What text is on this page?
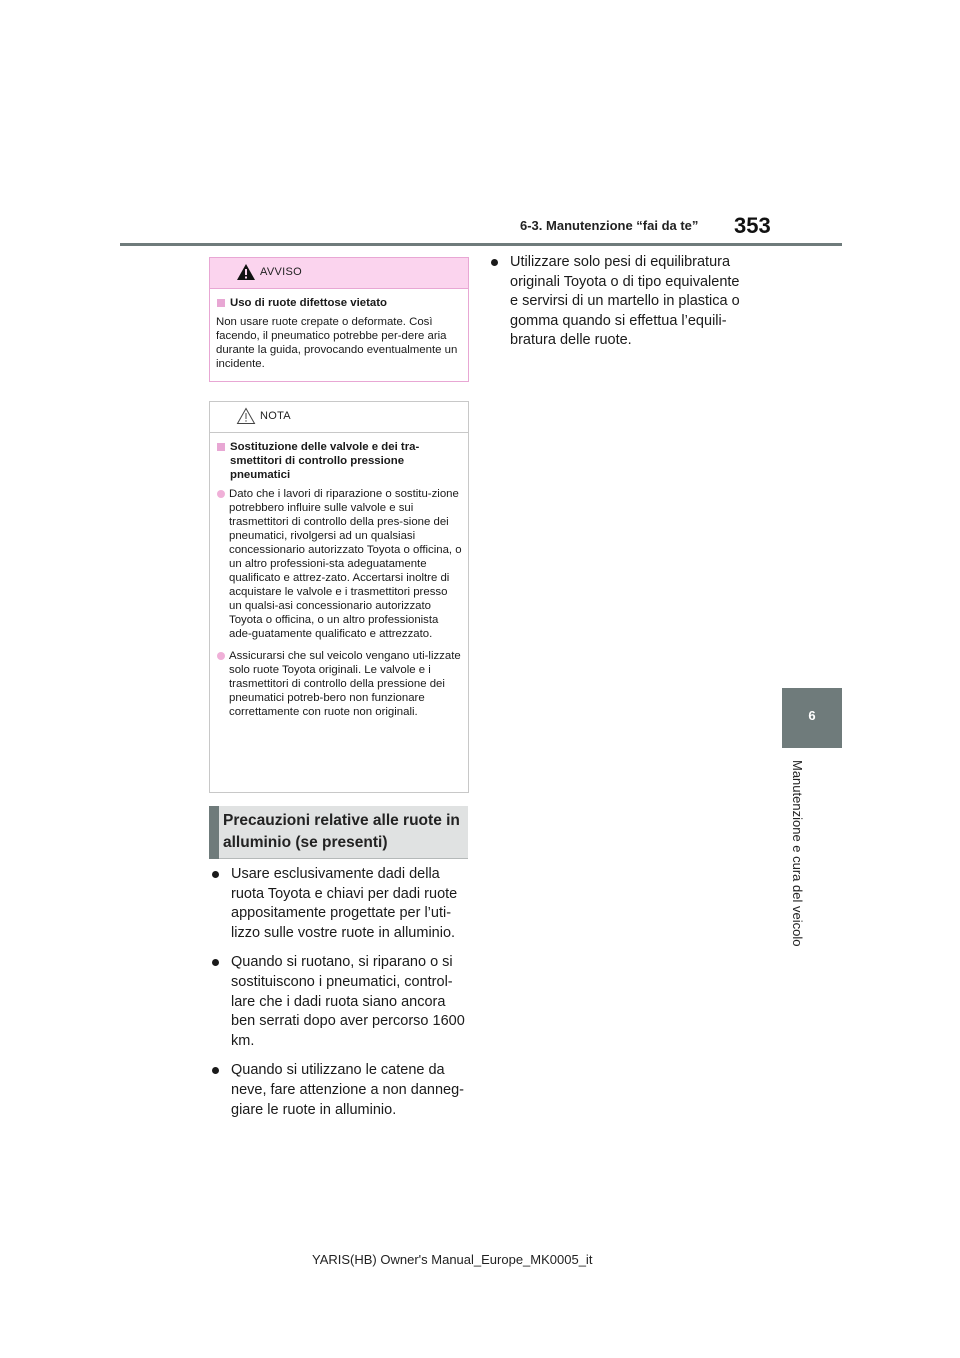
6-3. Manutenzione “fai da te” 353
6
Manutenzione e cura del veicolo
AVVISO
Uso di ruote difettose vietato

Non usare ruote crepate o deformate. Così facendo, il pneumatico potrebbe per-dere aria durante la guida, provocando eventualmente un incidente.

NOTA
Sostituzione delle valvole e dei tra-smettitori di controllo pressione pneumatici
Dato che i lavori di riparazione o sostitu-zione potrebbero influire sulle valvole e sui trasmettitori di controllo della pres-sione dei pneumatici, rivolgersi ad un qualsiasi concessionario autorizzato Toyota o officina, o un altro professioni-sta adeguatamente qualificato e attrez-zato. Accertarsi inoltre di acquistare le valvole e i trasmettitori presso un qualsi-asi concessionario autorizzato Toyota o officina, o un altro professionista ade-guatamente qualificato e attrezzato.
Assicurarsi che sul veicolo vengano uti-lizzate solo ruote Toyota originali. Le valvole e i trasmettitori di controllo della pressione dei pneumatici potreb-bero non funzionare correttamente con ruote non originali.
Precauzioni relative alle ruote in alluminio (se presenti)
Usare esclusivamente dadi della ruota Toyota e chiavi per dadi ruote appositamente progettate per l’uti-lizzo sulle vostre ruote in alluminio.
Quando si ruotano, si riparano o si sostituiscono i pneumatici, control-lare che i dadi ruota siano ancora ben serrati dopo aver percorso 1600 km.
Quando si utilizzano le catene da neve, fare attenzione a non danneg-giare le ruote in alluminio.
Utilizzare solo pesi di equilibratura originali Toyota o di tipo equivalente e servirsi di un martello in plastica o gomma quando si effettua l’equili-bratura delle ruote.
YARIS(HB) Owner's Manual_Europe_MK0005_it
